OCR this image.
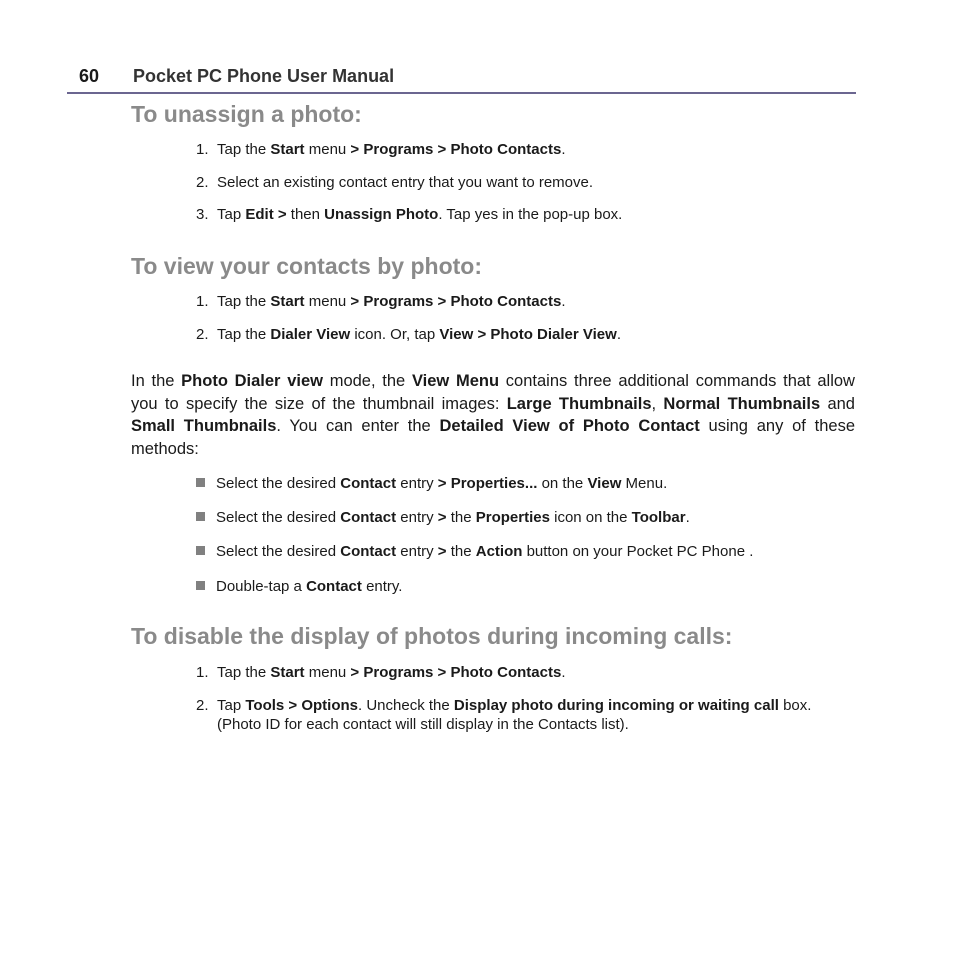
60 Pocket PC Phone User Manual
To unassign a photo:
1. Tap the Start menu > Programs > Photo Contacts.
2. Select an existing contact entry that you want to remove.
3. Tap Edit > then Unassign Photo. Tap yes in the pop-up box.
To view your contacts by photo:
1. Tap the Start menu > Programs > Photo Contacts.
2. Tap the Dialer View icon. Or, tap View > Photo Dialer View.
In the Photo Dialer view mode, the View Menu contains three additional commands that allow you to specify the size of the thumbnail images: Large Thumbnails, Normal Thumbnails and Small Thumbnails. You can enter the Detailed View of Photo Contact using any of these methods:
Select the desired Contact entry > Properties... on the View Menu.
Select the desired Contact entry > the Properties icon on the Toolbar.
Select the desired Contact entry > the Action button on your Pocket PC Phone .
Double-tap a Contact entry.
To disable the display of photos during incoming calls:
1. Tap the Start menu > Programs > Photo Contacts.
2. Tap Tools > Options. Uncheck the Display photo during incoming or waiting call box.
(Photo ID for each contact will still display in the Contacts list).
